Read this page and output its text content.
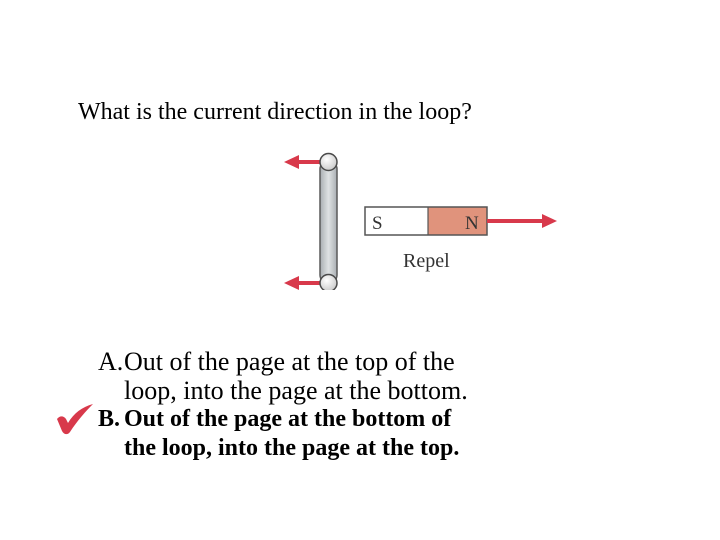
What is the current direction in the loop?
S	N
Repel
A.Out of the page at the top of the
loop, into the page at the bottom.
B. Out of the page at the bottom of
the loop, into the page at the top.
